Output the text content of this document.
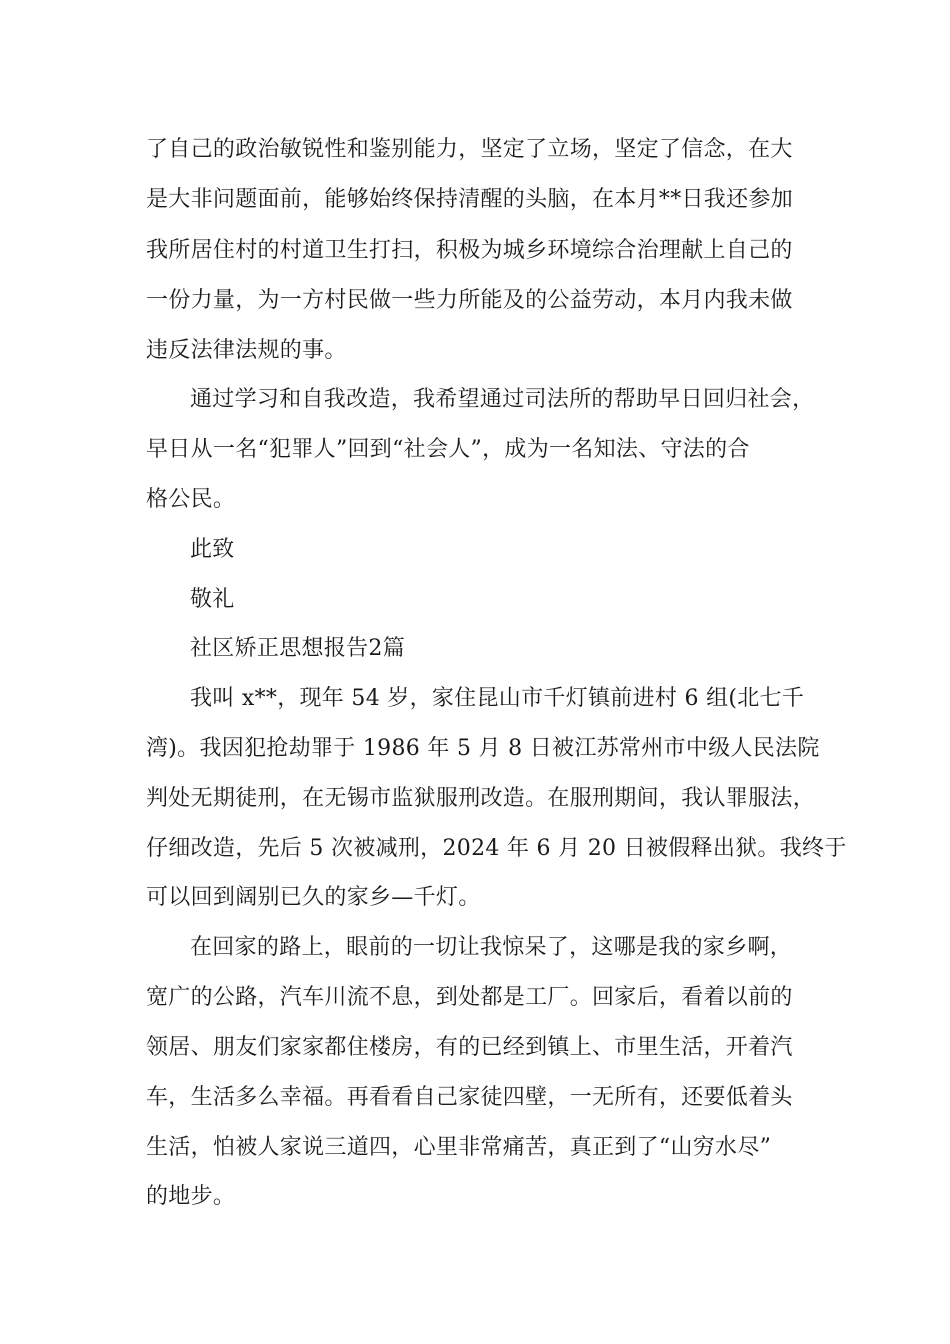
了自己的政治敏锐性和鉴别能力，坚定了立场，坚定了信念，在大
是大非问题面前，能够始终保持清醒的头脑，在本月**日我还参加
我所居住村的村道卫生打扫，积极为城乡环境综合治理献上自己的
一份力量，为一方村民做一些力所能及的公益劳动，本月内我未做
违反法律法规的事。
通过学习和自我改造，我希望通过司法所的帮助早日回归社会，
早日从一名“犯罪人”回到“社会人”，成为一名知法、守法的合
格公民。
此致
敬礼
社区矫正思想报告2篇
我叫 x**，现年 54 岁，家住昆山市千灯镇前进村 6 组(北七千
湾)。我因犯抢劫罪于 1986 年 5 月 8 日被江苏常州市中级人民法院
判处无期徒刑，在无锡市监狱服刑改造。在服刑期间，我认罪服法，
仔细改造，先后 5 次被减刑，2024 年 6 月 20 日被假释出狱。我终于
可以回到阔别已久的家乡—千灯。
在回家的路上，眼前的一切让我惊呆了，这哪是我的家乡啊，
宽广的公路，汽车川流不息，到处都是工厂。回家后，看着以前的
领居、朋友们家家都住楼房，有的已经到镇上、市里生活，开着汽
车，生活多么幸福。再看看自己家徒四壁，一无所有，还要低着头
生活，怕被人家说三道四，心里非常痛苦，真正到了“山穷水尽”
的地步。
